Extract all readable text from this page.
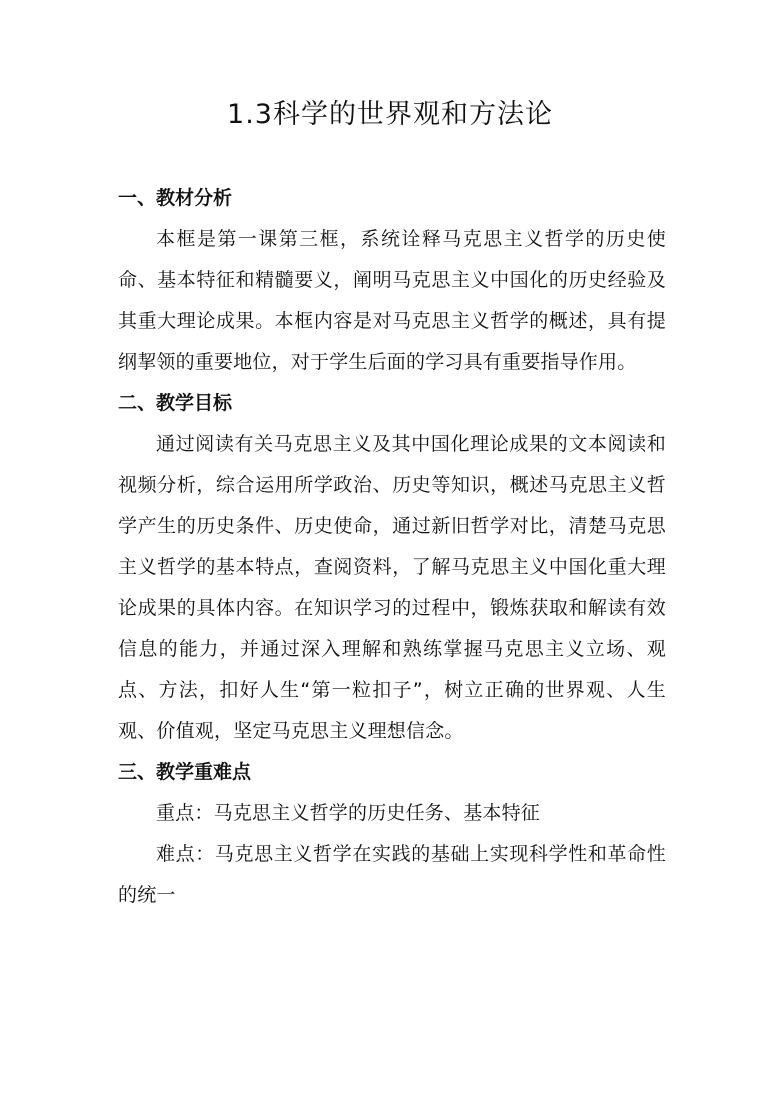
1.3科学的世界观和方法论
一、教材分析

本框是第一课第三框，系统诠释马克思主义哲学的历史使命、基本特征和精髓要义，阐明马克思主义中国化的历史经验及其重大理论成果。本框内容是对马克思主义哲学的概述，具有提纲挈领的重要地位，对于学生后面的学习具有重要指导作用。

二、教学目标

通过阅读有关马克思主义及其中国化理论成果的文本阅读和视频分析，综合运用所学政治、历史等知识，概述马克思主义哲学产生的历史条件、历史使命，通过新旧哲学对比，清楚马克思主义哲学的基本特点，查阅资料，了解马克思主义中国化重大理论成果的具体内容。在知识学习的过程中，锻炼获取和解读有效信息的能力，并通过深入理解和熟练掌握马克思主义立场、观点、方法，扣好人生“第一粒扣子”，树立正确的世界观、人生观、价值观，坚定马克思主义理想信念。

三、教学重难点

重点：马克思主义哲学的历史任务、基本特征

难点：马克思主义哲学在实践的基础上实现科学性和革命性的统一
